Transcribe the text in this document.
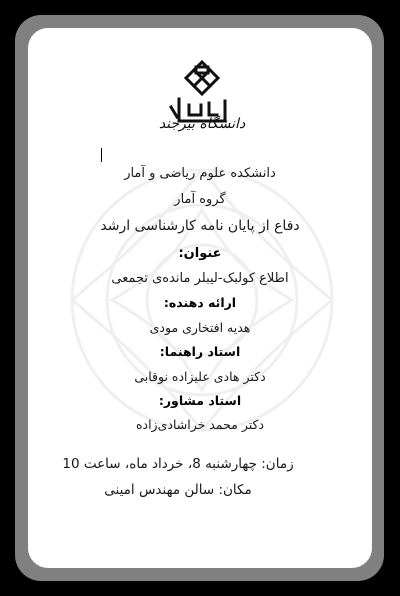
دانشگاه بیرجند
دانشکده علوم ریاضی و آمار
گروه آمار
دفاع از پایان نامه کارشناسی ارشد
عنوان:
اطلاع کولبک-لیبلر مانده‌ی تجمعی
ارائه دهنده:
هدیه افتخاری مودی
استاد راهنما:
دکتر هادی علیزاده نوقابی
استاد مشاور:
دکتر محمد خراشادی‌زاده
زمان: چهارشنبه 8، خرداد ماه، ساعت 10
مکان: سالن مهندس امینی
